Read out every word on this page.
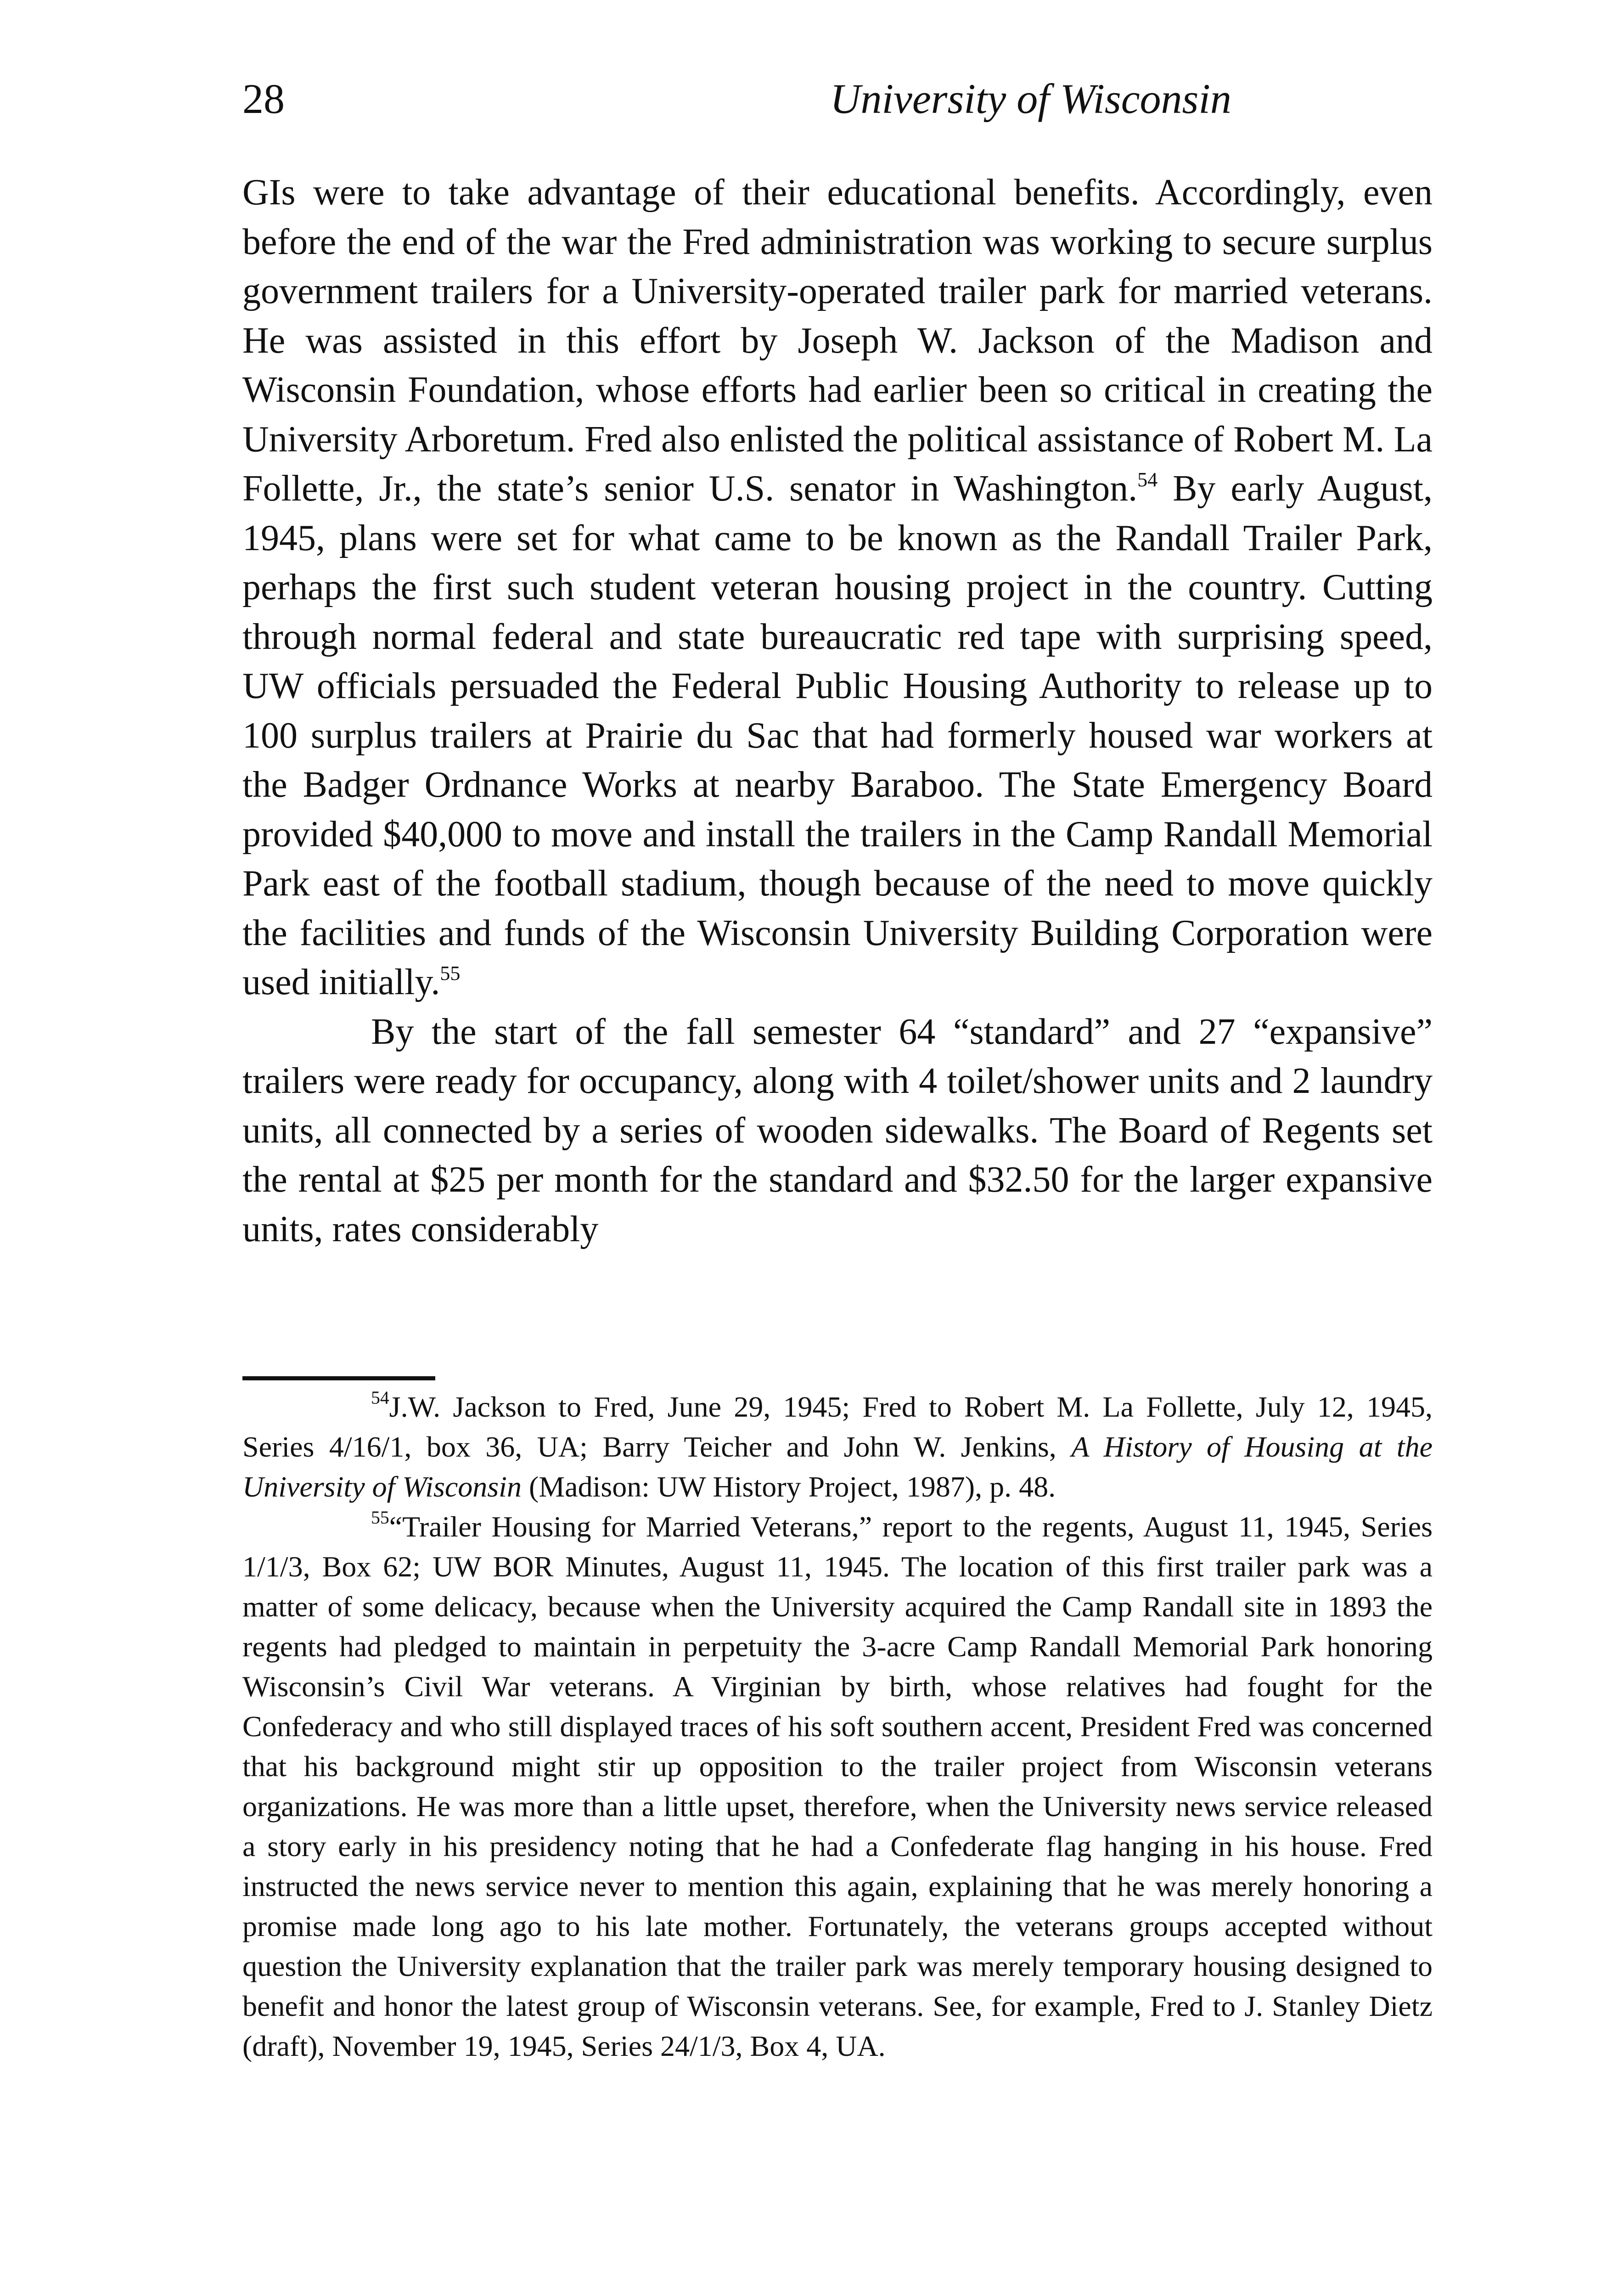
28	University of Wisconsin

GIs were to take advantage of their educational benefits. Accordingly, even before the end of the war the Fred administration was working to secure surplus government trailers for a University-operated trailer park for married veterans. He was assisted in this effort by Joseph W. Jackson of the Madison and Wisconsin Foundation, whose efforts had earlier been so critical in creating the University Arboretum. Fred also enlisted the political assistance of Robert M. La Follette, Jr., the state’s senior U.S. senator in Washington.$^{54}$ By early August, 1945, plans were set for what came to be known as the Randall Trailer Park, perhaps the first such student veteran housing project in the country. Cutting through normal federal and state bureaucratic red tape with surprising speed, UW officials persuaded the Federal Public Housing Authority to release up to 100 surplus trailers at Prairie du Sac that had formerly housed war workers at the Badger Ordnance Works at nearby Baraboo. The State Emergency Board provided $40,000 to move and install the trailers in the Camp Randall Memorial Park east of the football stadium, though because of the need to move quickly the facilities and funds of the Wisconsin University Building Corporation were used initially.$^{55}$

By the start of the fall semester 64 “standard” and 27 “expansive” trailers were ready for occupancy, along with 4 toilet/shower units and 2 laundry units, all connected by a series of wooden sidewalks. The Board of Regents set the rental at $25 per month for the standard and $32.50 for the larger expansive units, rates considerably

$^{54}$J.W. Jackson to Fred, June 29, 1945; Fred to Robert M. La Follette, July 12, 1945, Series 4/16/1, box 36, UA; Barry Teicher and John W. Jenkins, A History of Housing at the University of Wisconsin (Madison: UW History Project, 1987), p. 48.

$^{55}$“Trailer Housing for Married Veterans,” report to the regents, August 11, 1945, Series 1/1/3, Box 62; UW BOR Minutes, August 11, 1945. The location of this first trailer park was a matter of some delicacy, because when the University acquired the Camp Randall site in 1893 the regents had pledged to maintain in perpetuity the 3-acre Camp Randall Memorial Park honoring Wisconsin’s Civil War veterans. A Virginian by birth, whose relatives had fought for the Confederacy and who still displayed traces of his soft southern accent, President Fred was concerned that his background might stir up opposition to the trailer project from Wisconsin veterans organizations. He was more than a little upset, therefore, when the University news service released a story early in his presidency noting that he had a Confederate flag hanging in his house. Fred instructed the news service never to mention this again, explaining that he was merely honoring a promise made long ago to his late mother. Fortunately, the veterans groups accepted without question the University explanation that the trailer park was merely temporary housing designed to benefit and honor the latest group of Wisconsin veterans. See, for example, Fred to J. Stanley Dietz (draft), November 19, 1945, Series 24/1/3, Box 4, UA.
